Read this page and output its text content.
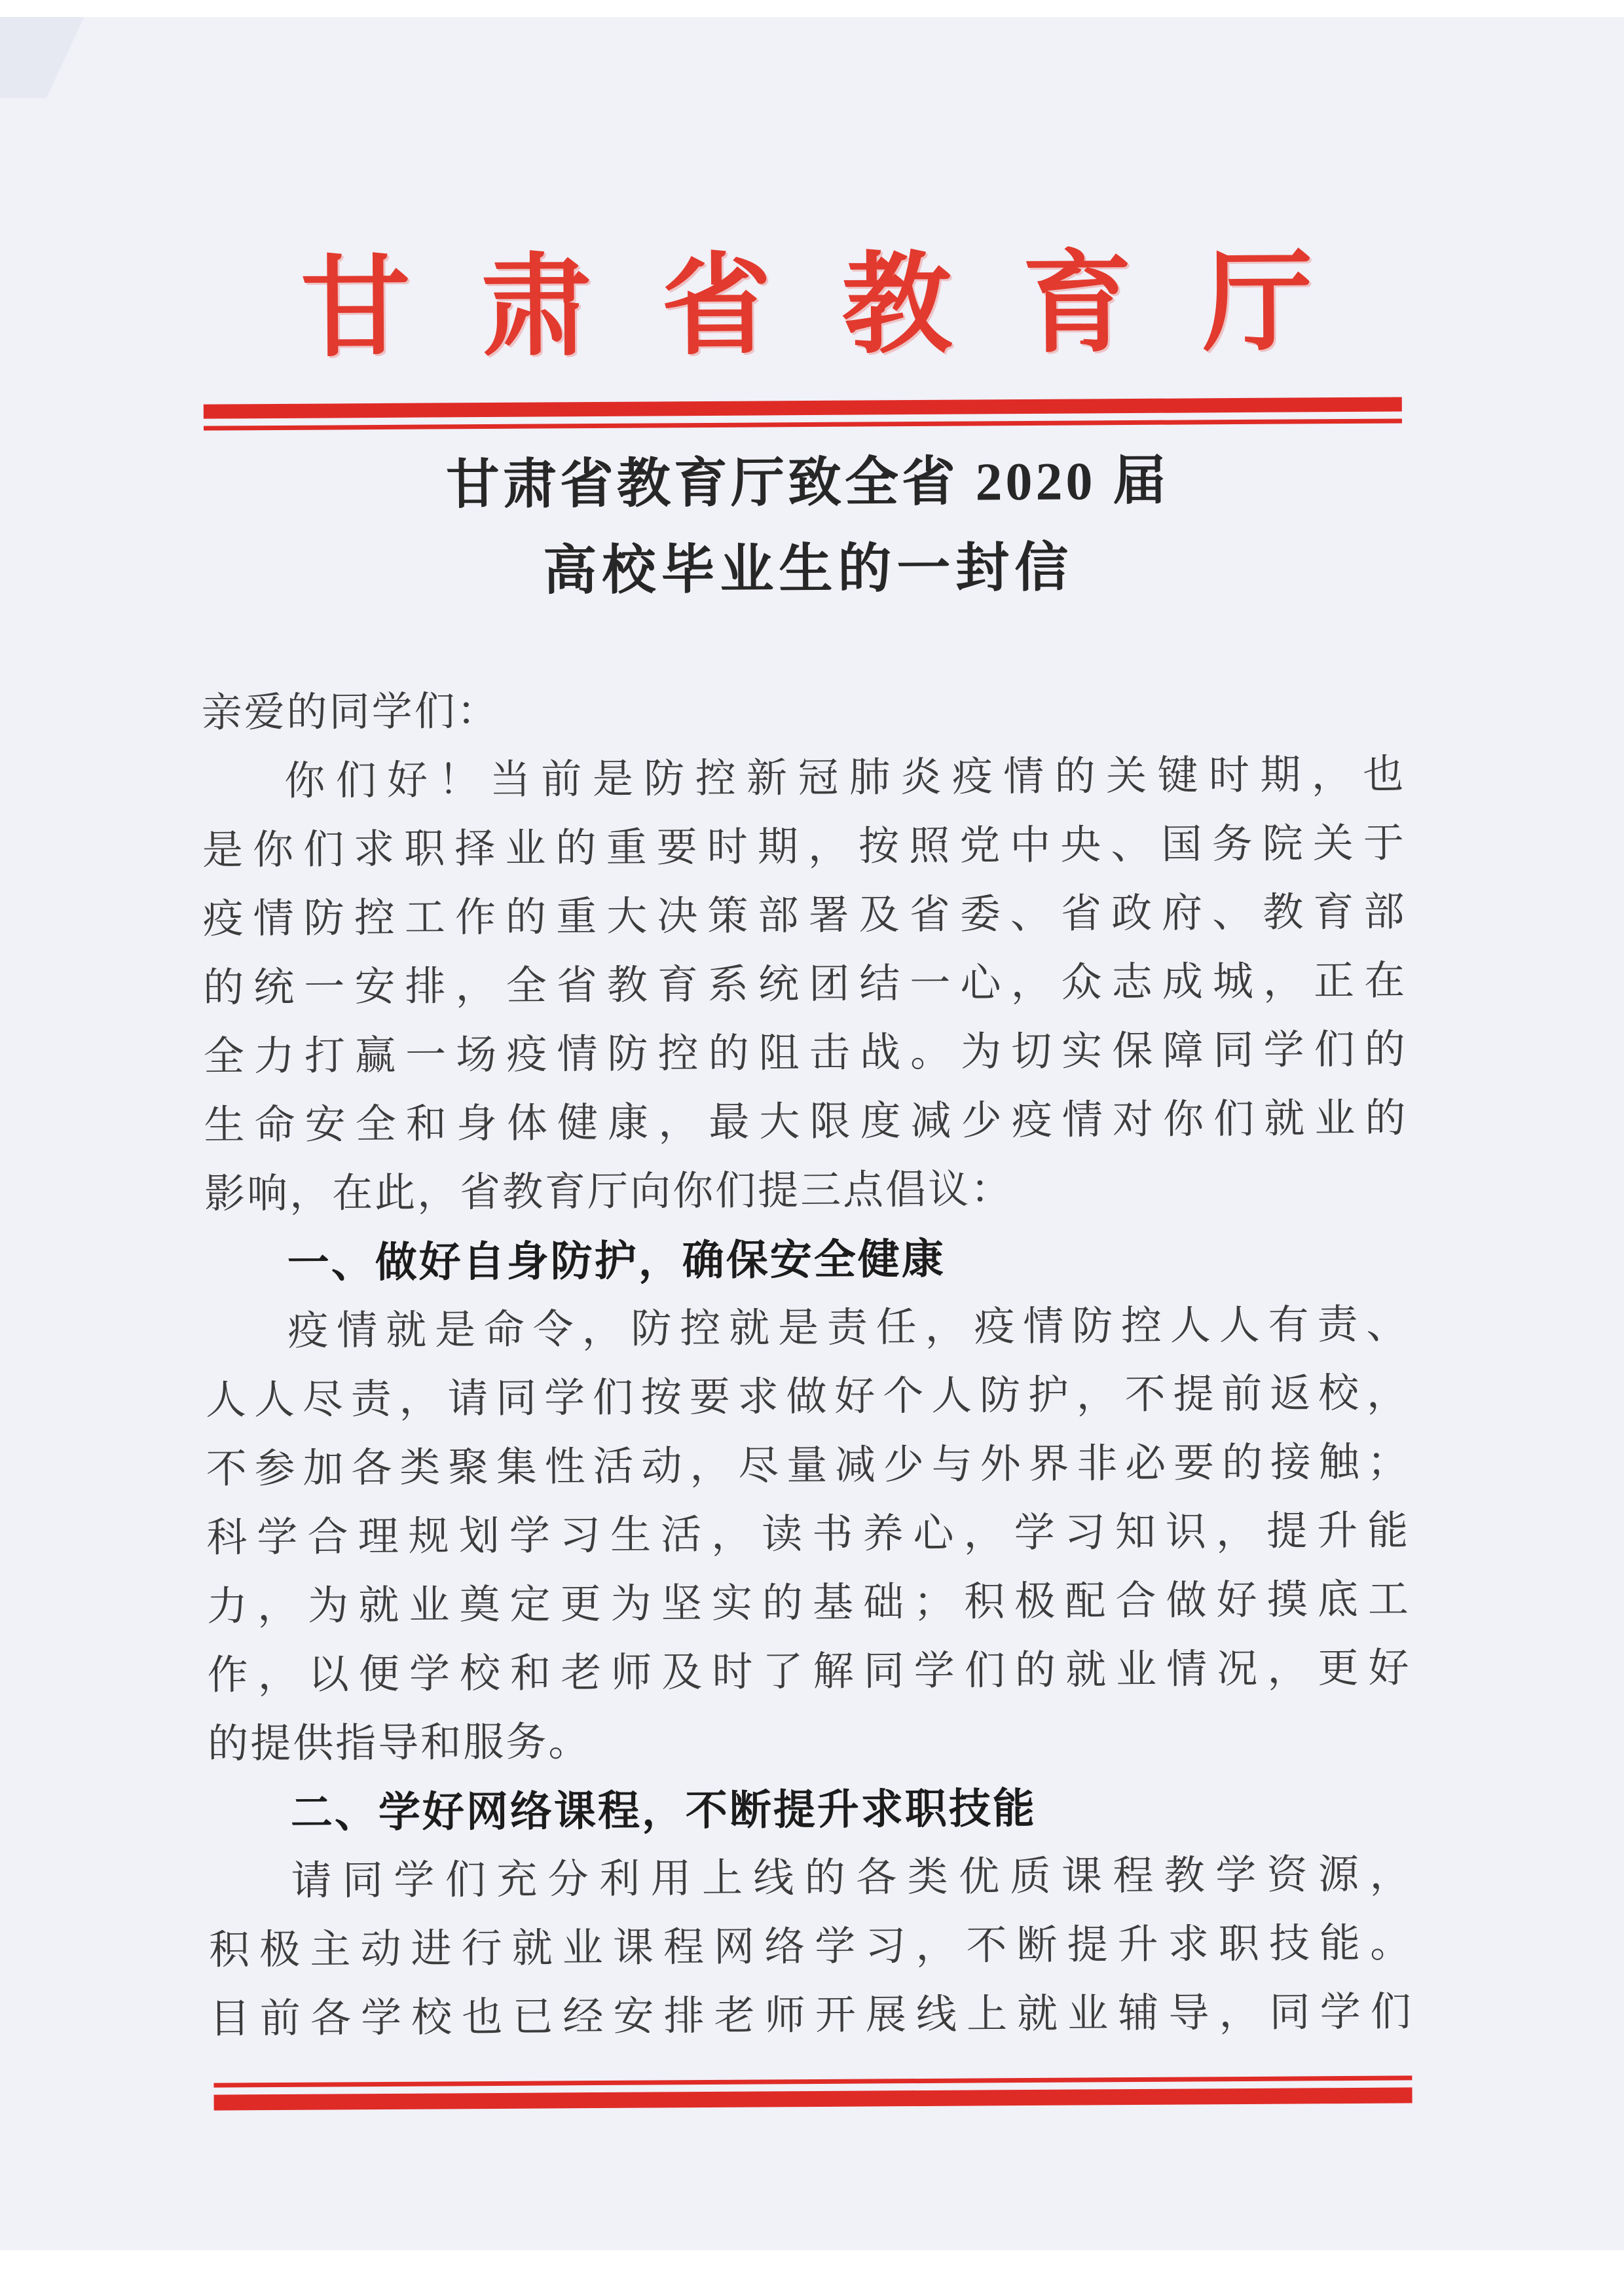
甘肃省教育厅
甘肃省教育厅致全省 2020 届
高校毕业生的一封信
亲爱的同学们：
你们好！当前是防控新冠肺炎疫情的关键时期，也
是你们求职择业的重要时期，按照党中央、国务院关于
疫情防控工作的重大决策部署及省委、省政府、教育部
的统一安排，全省教育系统团结一心，众志成城，正在
全力打赢一场疫情防控的阻击战。为切实保障同学们的
生命安全和身体健康，最大限度减少疫情对你们就业的
影响，在此，省教育厅向你们提三点倡议：
一、做好自身防护，确保安全健康
疫情就是命令，防控就是责任，疫情防控人人有责、
人人尽责，请同学们按要求做好个人防护，不提前返校，
不参加各类聚集性活动，尽量减少与外界非必要的接触；
科学合理规划学习生活，读书养心，学习知识，提升能
力，为就业奠定更为坚实的基础；积极配合做好摸底工
作，以便学校和老师及时了解同学们的就业情况，更好
的提供指导和服务。
二、学好网络课程，不断提升求职技能
请同学们充分利用上线的各类优质课程教学资源，
积极主动进行就业课程网络学习，不断提升求职技能。
目前各学校也已经安排老师开展线上就业辅导，同学们
